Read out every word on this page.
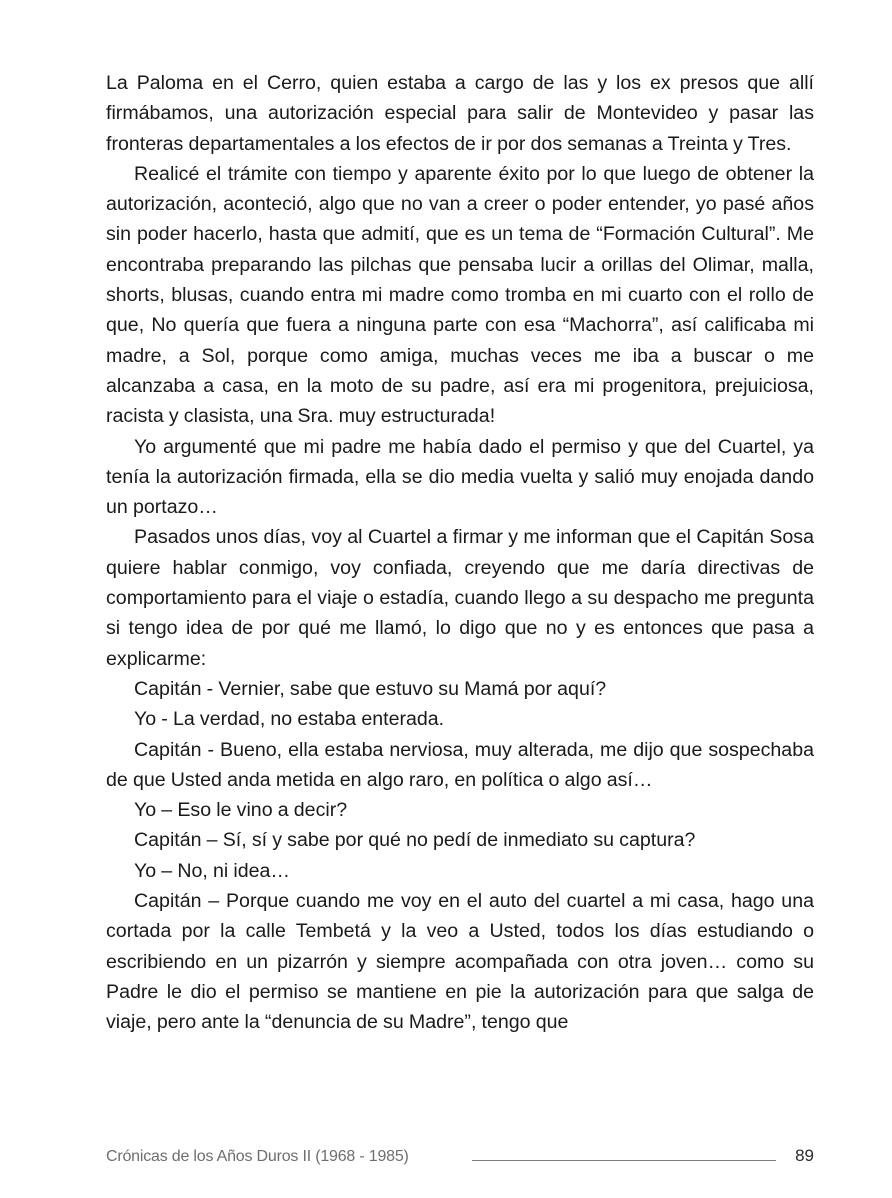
La Paloma en el Cerro, quien estaba a cargo de las y los ex presos que allí firmábamos, una autorización especial para salir de Montevideo y pasar las fronteras departamentales a los efectos de ir por dos semanas a Treinta y Tres.

Realicé el trámite con tiempo y aparente éxito por lo que luego de obtener la autorización, aconteció, algo que no van a creer o poder entender, yo pasé años sin poder hacerlo, hasta que admití, que es un tema de “Formación Cultural”. Me encontraba preparando las pilchas que pensaba lucir a orillas del Olimar, malla, shorts, blusas, cuando entra mi madre como tromba en mi cuarto con el rollo de que, No quería que fuera a ninguna parte con esa “Machorra”, así calificaba mi madre, a Sol, porque como amiga, muchas veces me iba a buscar o me alcanzaba a casa, en la moto de su padre, así era mi progenitora, prejuiciosa, racista y clasista, una Sra. muy estructurada!

Yo argumenté que mi padre me había dado el permiso y que del Cuartel, ya tenía la autorización firmada, ella se dio media vuelta y salió muy enojada dando un portazo…

Pasados unos días, voy al Cuartel a firmar y me informan que el Capitán Sosa quiere hablar conmigo, voy confiada, creyendo que me daría directivas de comportamiento para el viaje o estadía, cuando llego a su despacho me pregunta si tengo idea de por qué me llamó, lo digo que no y es entonces que pasa a explicarme:

Capitán - Vernier, sabe que estuvo su Mamá por aquí?

Yo - La verdad, no estaba enterada.

Capitán - Bueno, ella estaba nerviosa, muy alterada, me dijo que sospechaba de que Usted anda metida en algo raro, en política o algo así…

Yo – Eso le vino a decir?

Capitán – Sí, sí y sabe por qué no pedí de inmediato su captura?

Yo – No, ni idea…

Capitán – Porque cuando me voy en el auto del cuartel a mi casa, hago una cortada por la calle Tembetá y la veo a Usted, todos los días estudiando o escribiendo en un pizarrón y siempre acompañada con otra joven… como su Padre le dio el permiso se mantiene en pie la autorización para que salga de viaje, pero ante la “denuncia de su Madre”, tengo que

Crónicas de los Años Duros II (1968 - 1985)	89
